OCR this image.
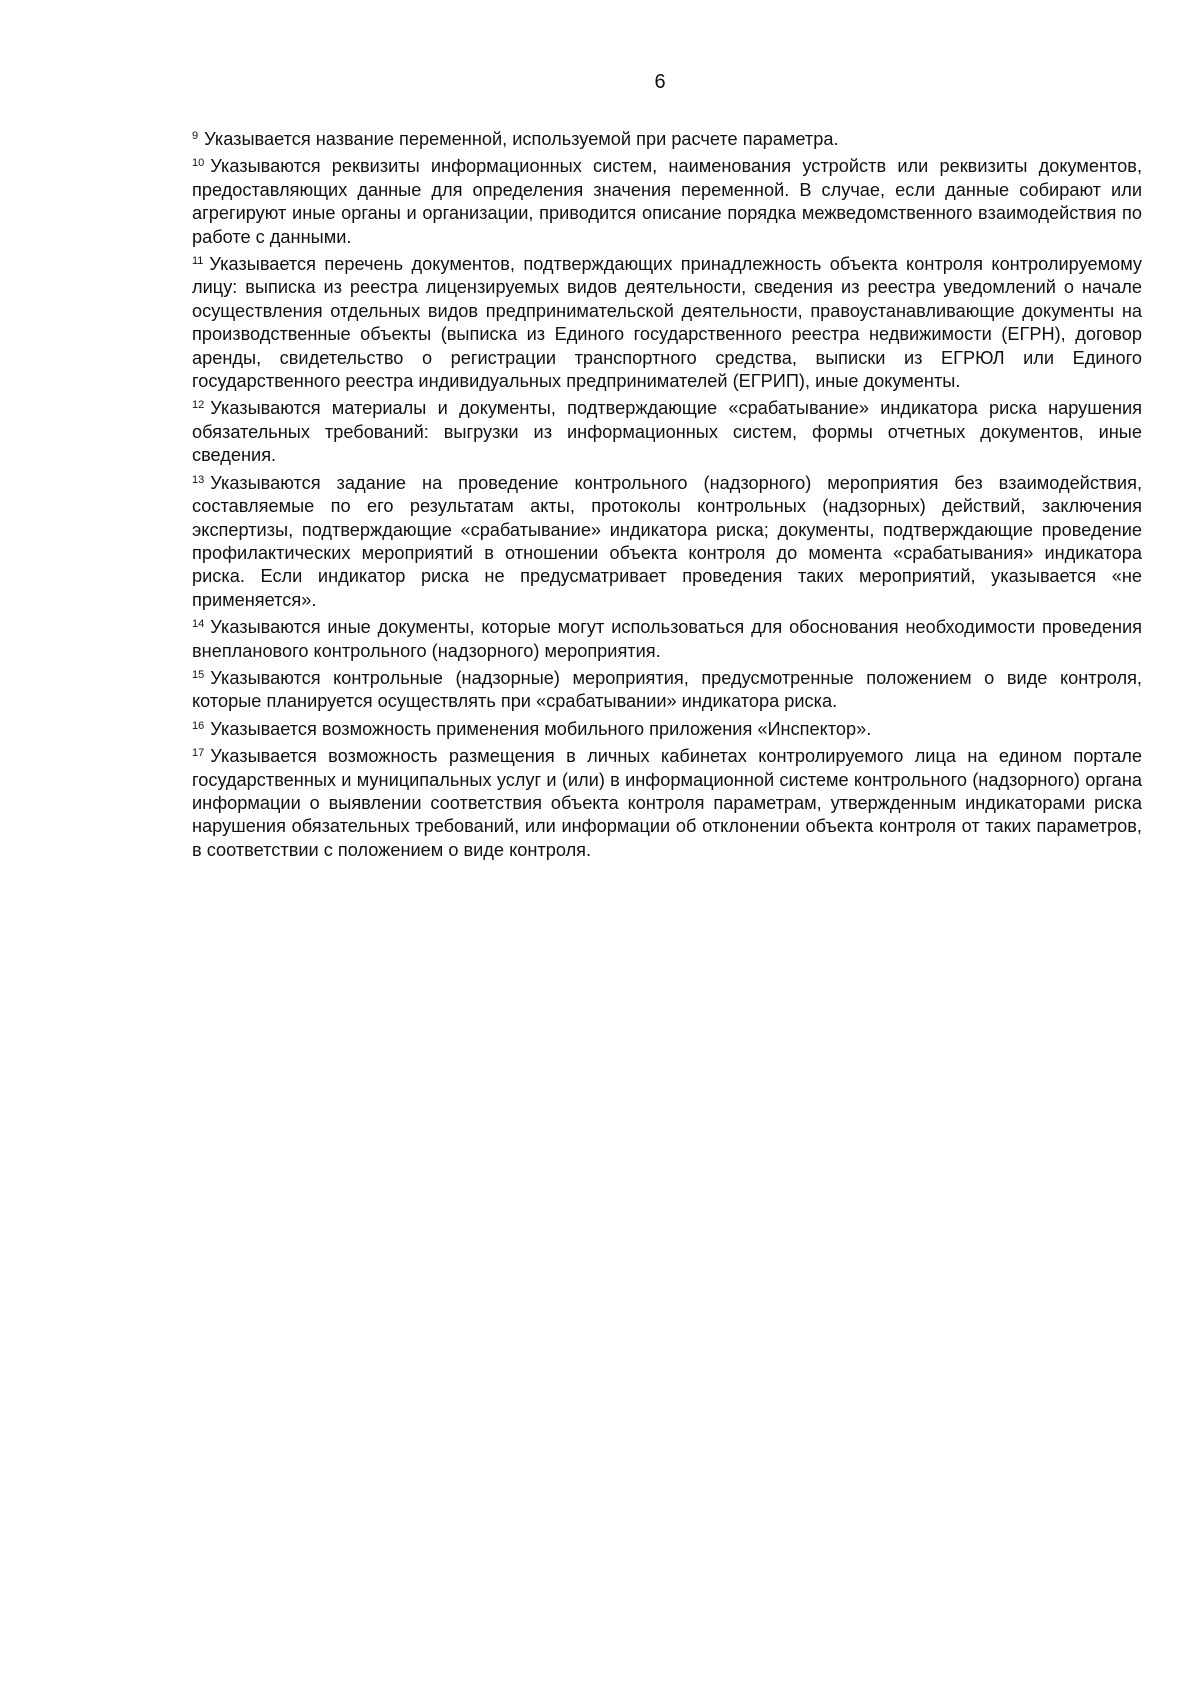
6

$^9$ Указывается название переменной, используемой при расчете параметра.

$^{10}$ Указываются реквизиты информационных систем, наименования устройств или реквизиты документов, предоставляющих данные для определения значения переменной. В случае, если данные собирают или агрегируют иные органы и организации, приводится описание порядка межведомственного взаимодействия по работе с данными.

$^{11}$ Указывается перечень документов, подтверждающих принадлежность объекта контроля контролируемому лицу: выписка из реестра лицензируемых видов деятельности, сведения из реестра уведомлений о начале осуществления отдельных видов предпринимательской деятельности, правоустанавливающие документы на производственные объекты (выписка из Единого государственного реестра недвижимости (ЕГРН), договор аренды, свидетельство о регистрации транспортного средства, выписки из ЕГРЮЛ или Единого государственного реестра индивидуальных предпринимателей (ЕГРИП), иные документы.

$^{12}$ Указываются материалы и документы, подтверждающие «срабатывание» индикатора риска нарушения обязательных требований: выгрузки из информационных систем, формы отчетных документов, иные сведения.

$^{13}$ Указываются задание на проведение контрольного (надзорного) мероприятия без взаимодействия, составляемые по его результатам акты, протоколы контрольных (надзорных) действий, заключения экспертизы, подтверждающие «срабатывание» индикатора риска; документы, подтверждающие проведение профилактических мероприятий в отношении объекта контроля до момента «срабатывания» индикатора риска. Если индикатор риска не предусматривает проведения таких мероприятий, указывается «не применяется».

$^{14}$ Указываются иные документы, которые могут использоваться для обоснования необходимости проведения внепланового контрольного (надзорного) мероприятия.

$^{15}$ Указываются контрольные (надзорные) мероприятия, предусмотренные положением о виде контроля, которые планируется осуществлять при «срабатывании» индикатора риска.

$^{16}$ Указывается возможность применения мобильного приложения «Инспектор».

$^{17}$ Указывается возможность размещения в личных кабинетах контролируемого лица на едином портале государственных и муниципальных услуг и (или) в информационной системе контрольного (надзорного) органа информации о выявлении соответствия объекта контроля параметрам, утвержденным индикаторами риска нарушения обязательных требований, или информации об отклонении объекта контроля от таких параметров, в соответствии с положением о виде контроля.
